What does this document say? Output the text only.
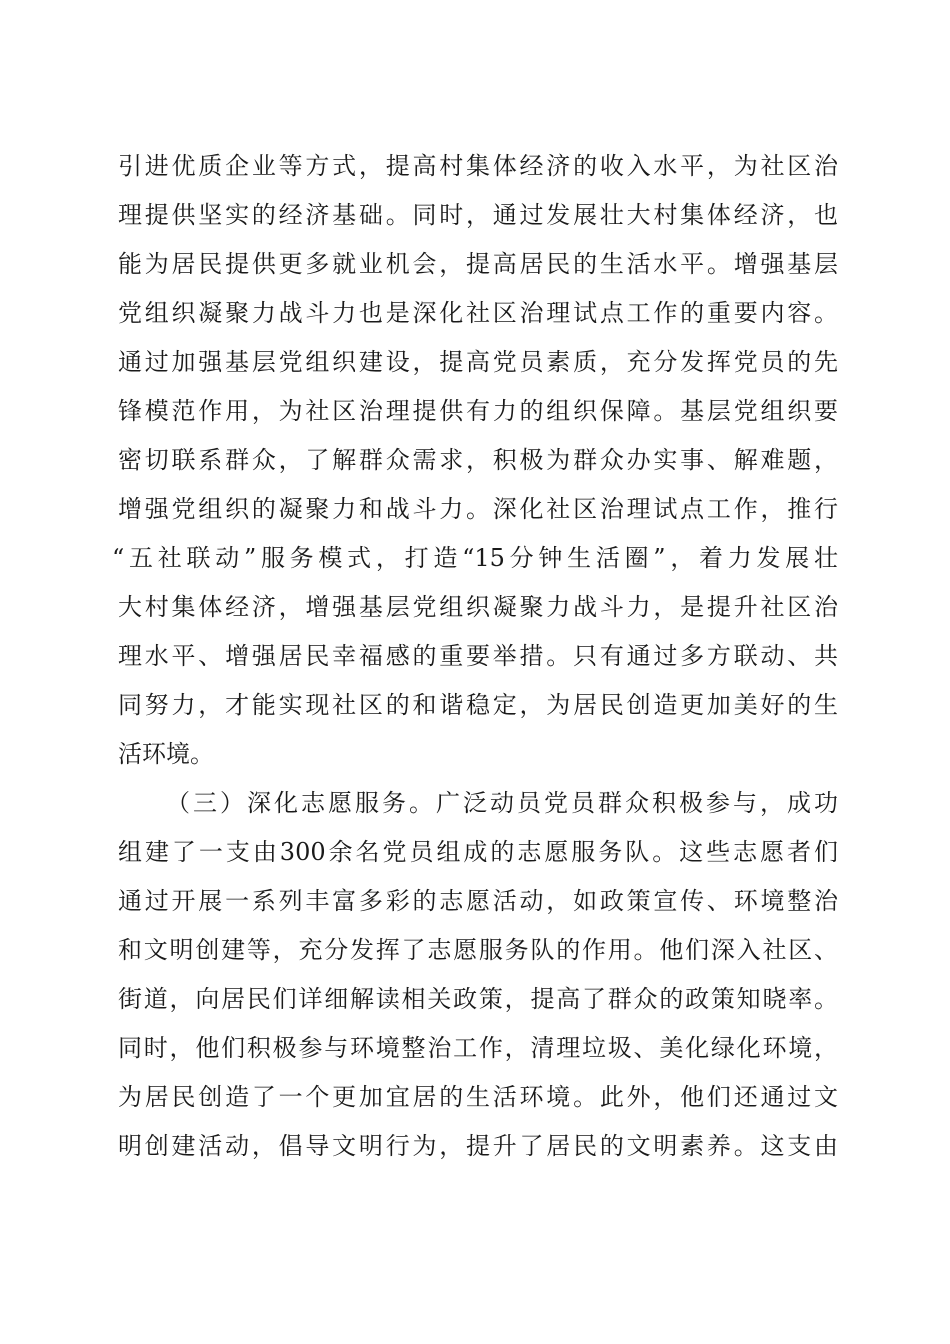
引进优质企业等方式，提高村集体经济的收入水平，为社区治
理提供坚实的经济基础。同时，通过发展壮大村集体经济，也
能为居民提供更多就业机会，提高居民的生活水平。增强基层
党组织凝聚力战斗力也是深化社区治理试点工作的重要内容。
通过加强基层党组织建设，提高党员素质，充分发挥党员的先
锋模范作用，为社区治理提供有力的组织保障。基层党组织要
密切联系群众，了解群众需求，积极为群众办实事、解难题，
增强党组织的凝聚力和战斗力。深化社区治理试点工作，推行
“五社联动”服务模式，打造“15分钟生活圈”，着力发展壮
大村集体经济，增强基层党组织凝聚力战斗力，是提升社区治
理水平、增强居民幸福感的重要举措。只有通过多方联动、共
同努力，才能实现社区的和谐稳定，为居民创造更加美好的生
活环境。
（三）深化志愿服务。广泛动员党员群众积极参与，成功
组建了一支由300余名党员组成的志愿服务队。这些志愿者们
通过开展一系列丰富多彩的志愿活动，如政策宣传、环境整治
和文明创建等，充分发挥了志愿服务队的作用。他们深入社区、
街道，向居民们详细解读相关政策，提高了群众的政策知晓率。
同时，他们积极参与环境整治工作，清理垃圾、美化绿化环境，
为居民创造了一个更加宜居的生活环境。此外，他们还通过文
明创建活动，倡导文明行为，提升了居民的文明素养。这支由
